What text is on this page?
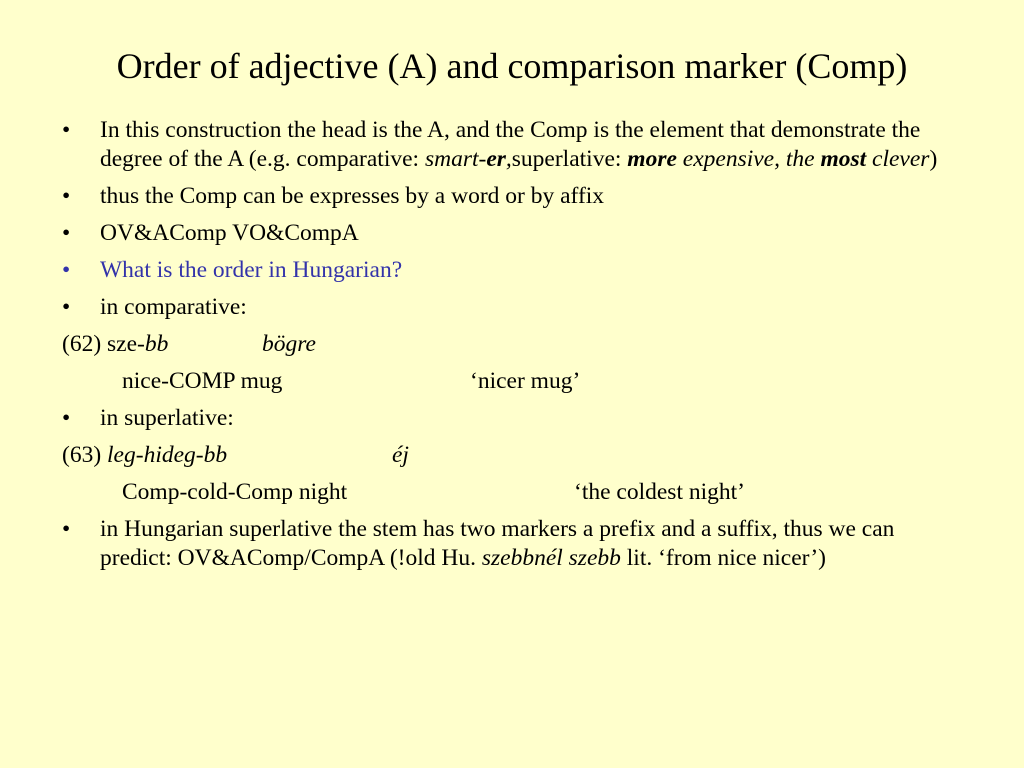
Order of adjective (A) and comparison marker (Comp)
• In this construction the head is the A, and the Comp is the element that demonstrate the degree of the A (e.g. comparative: smart-er,superlative: more expensive, the most clever)
• thus the Comp can be expresses by a word or by affix
• OV&AComp VO&CompA
• What is the order in Hungarian?
• in comparative:
(62) sze-bb	bögre
nice-COMP mug	‘nicer mug’
• in superlative:
(63) leg-hideg-bb	éj
Comp-cold-Comp night	‘the coldest night’
• in Hungarian superlative the stem has two markers a prefix and a suffix, thus we can predict: OV&AComp/CompA (!old Hu. szebbnél szebb lit. ‘from nice nicer’)
